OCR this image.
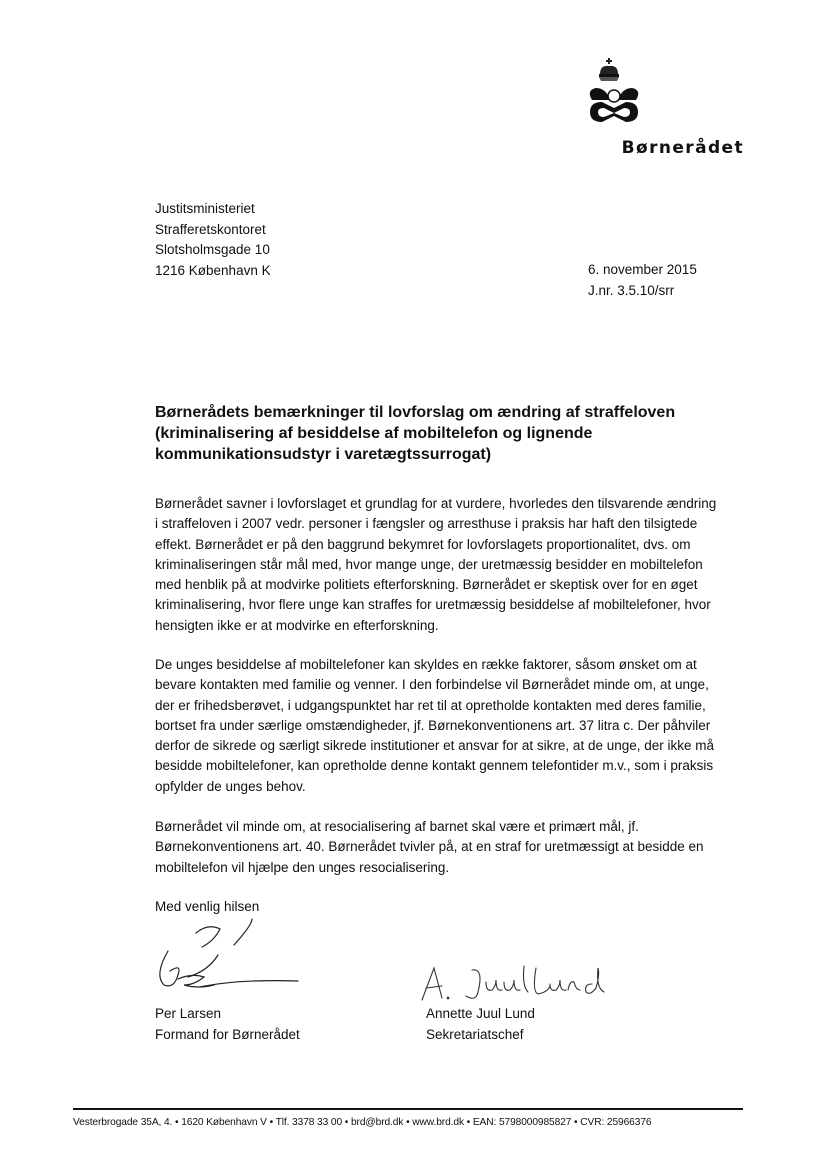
Børnerådet
Justitsministeriet
Strafferetskontoret
Slotsholmsgade 10
1216 København K	6. november 2015
J.nr. 3.5.10/srr
Børnerådets bemærkninger til lovforslag om ændring af straffeloven
(kriminalisering af besiddelse af mobiltelefon og lignende
kommunikationsudstyr i varetægtssurrogat)
Børnerådet savner i lovforslaget et grundlag for at vurdere, hvorledes den tilsvarende ændring
i straffeloven i 2007 vedr. personer i fængsler og arresthuse i praksis har haft den tilsigtede
effekt. Børnerådet er på den baggrund bekymret for lovforslagets proportionalitet, dvs. om
kriminaliseringen står mål med, hvor mange unge, der uretmæssig besidder en mobiltelefon
med henblik på at modvirke politiets efterforskning. Børnerådet er skeptisk over for en øget
kriminalisering, hvor flere unge kan straffes for uretmæssig besiddelse af mobiltelefoner, hvor
hensigten ikke er at modvirke en efterforskning.
De unges besiddelse af mobiltelefoner kan skyldes en række faktorer, såsom ønsket om at
bevare kontakten med familie og venner. I den forbindelse vil Børnerådet minde om, at unge,
der er frihedsberøvet, i udgangspunktet har ret til at opretholde kontakten med deres familie,
bortset fra under særlige omstændigheder, jf. Børnekonventionens art. 37 litra c. Der påhviler
derfor de sikrede og særligt sikrede institutioner et ansvar for at sikre, at de unge, der ikke må
besidde mobiltelefoner, kan opretholde denne kontakt gennem telefontider m.v., som i praksis
opfylder de unges behov.
Børnerådet vil minde om, at resocialisering af barnet skal være et primært mål, jf.
Børnekonventionens art. 40. Børnerådet tvivler på, at en straf for uretmæssigt at besidde en
mobiltelefon vil hjælpe den unges resocialisering.
Med venlig hilsen
Per Larsen
Formand for Børnerådet
Annette Juul Lund
Sekretariatschef
Vesterbrogade 35A, 4. • 1620 København V • Tlf. 3378 33 00 • brd@brd.dk • www.brd.dk • EAN: 5798000985827 • CVR: 25966376
